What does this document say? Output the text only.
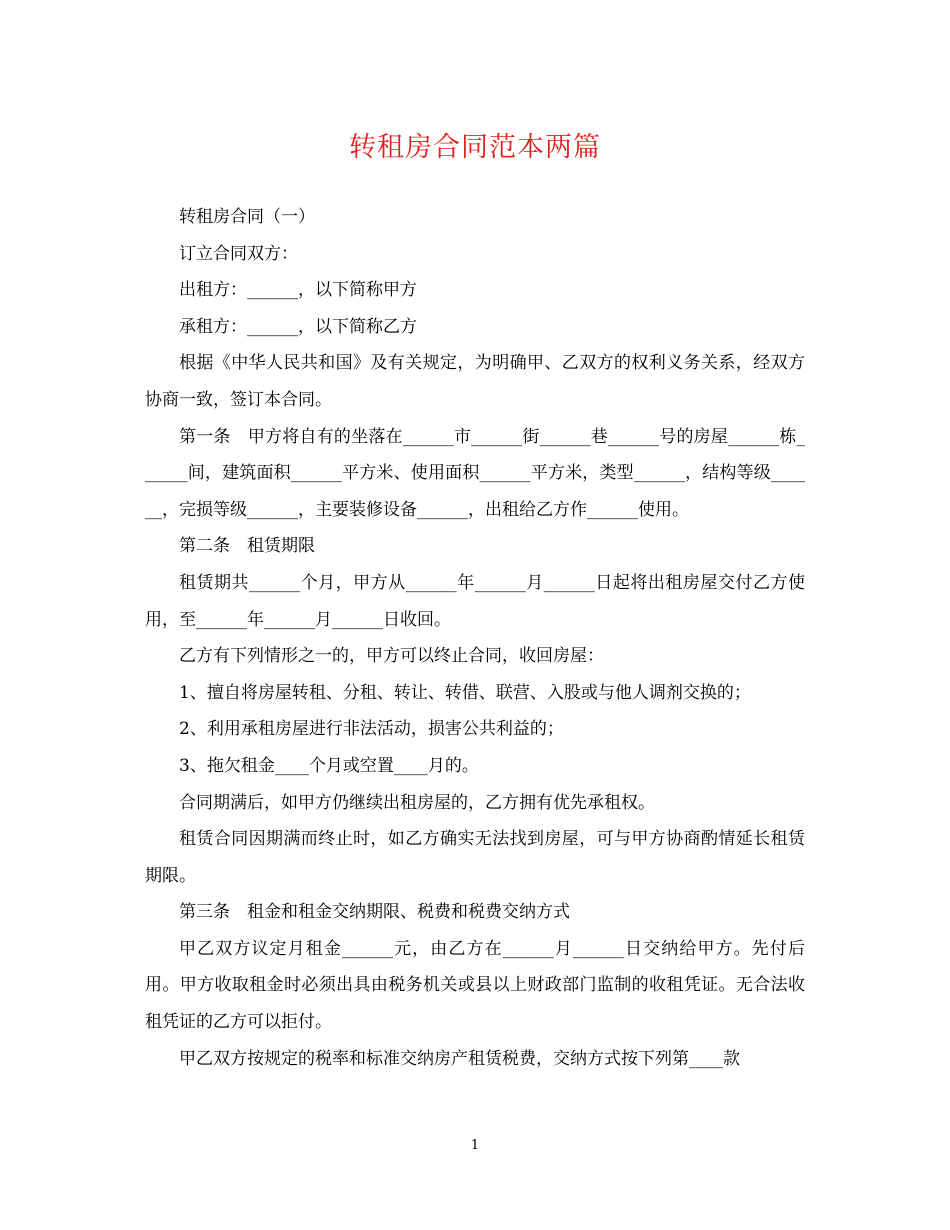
转租房合同范本两篇

转租房合同（一）

订立合同双方：

出租方：______，以下简称甲方

承租方：______，以下简称乙方

根据《中华人民共和国》及有关规定，为明确甲、乙双方的权利义务关系，经双方协商一致，签订本合同。

第一条　甲方将自有的坐落在______市______街______巷______号的房屋______栋______间，建筑面积______平方米、使用面积______平方米，类型______，结构等级______，完损等级______，主要装修设备______，出租给乙方作______使用。

第二条　租赁期限

租赁期共______个月，甲方从______年______月______日起将出租房屋交付乙方使用，至______年______月______日收回。

乙方有下列情形之一的，甲方可以终止合同，收回房屋：

1、擅自将房屋转租、分租、转让、转借、联营、入股或与他人调剂交换的；

2、利用承租房屋进行非法活动，损害公共利益的；

3、拖欠租金____个月或空置____月的。

合同期满后，如甲方仍继续出租房屋的，乙方拥有优先承租权。

租赁合同因期满而终止时，如乙方确实无法找到房屋，可与甲方协商酌情延长租赁期限。

第三条　租金和租金交纳期限、税费和税费交纳方式

甲乙双方议定月租金______元，由乙方在______月______日交纳给甲方。先付后用。甲方收取租金时必须出具由税务机关或县以上财政部门监制的收租凭证。无合法收租凭证的乙方可以拒付。

甲乙双方按规定的税率和标准交纳房产租赁税费，交纳方式按下列第____款

1
